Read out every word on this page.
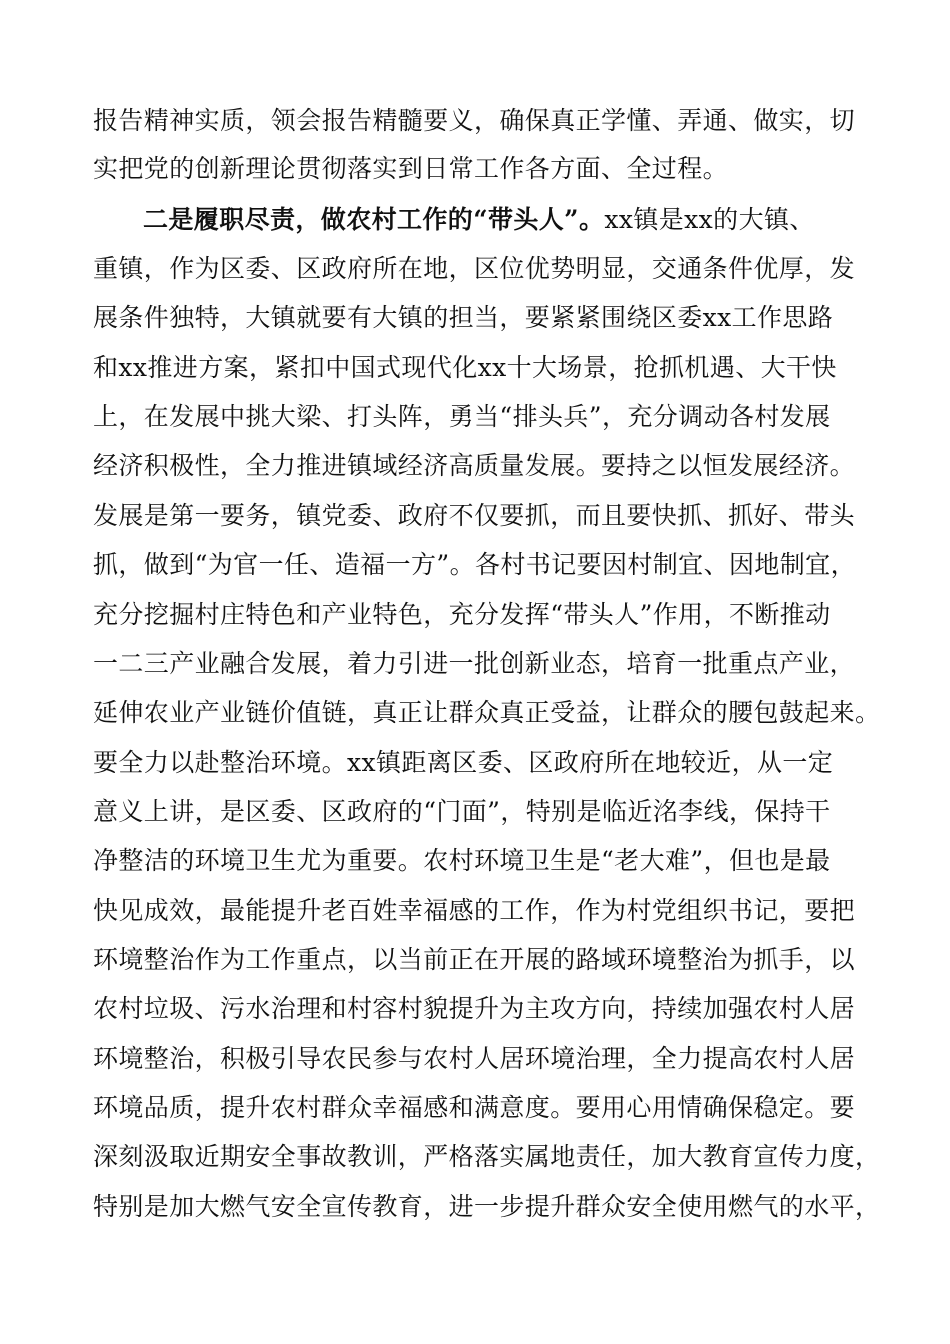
报告精神实质，领会报告精髓要义，确保真正学懂、弄通、做实，切
实把党的创新理论贯彻落实到日常工作各方面、全过程。
二是履职尽责，做农村工作的“带头人”。xx镇是xx的大镇、
重镇，作为区委、区政府所在地，区位优势明显，交通条件优厚，发
展条件独特，大镇就要有大镇的担当，要紧紧围绕区委xx工作思路
和xx推进方案，紧扣中国式现代化xx十大场景，抢抓机遇、大干快
上，在发展中挑大梁、打头阵，勇当“排头兵”，充分调动各村发展
经济积极性，全力推进镇域经济高质量发展。要持之以恒发展经济。
发展是第一要务，镇党委、政府不仅要抓，而且要快抓、抓好、带头
抓，做到“为官一任、造福一方”。各村书记要因村制宜、因地制宜，
充分挖掘村庄特色和产业特色，充分发挥“带头人”作用，不断推动
一二三产业融合发展，着力引进一批创新业态，培育一批重点产业，
延伸农业产业链价值链，真正让群众真正受益，让群众的腰包鼓起来。
要全力以赴整治环境。xx镇距离区委、区政府所在地较近，从一定
意义上讲，是区委、区政府的“门面”，特别是临近洺李线，保持干
净整洁的环境卫生尤为重要。农村环境卫生是“老大难”，但也是最
快见成效，最能提升老百姓幸福感的工作，作为村党组织书记，要把
环境整治作为工作重点，以当前正在开展的路域环境整治为抓手，以
农村垃圾、污水治理和村容村貌提升为主攻方向，持续加强农村人居
环境整治，积极引导农民参与农村人居环境治理，全力提高农村人居
环境品质，提升农村群众幸福感和满意度。要用心用情确保稳定。要
深刻汲取近期安全事故教训，严格落实属地责任，加大教育宣传力度，
特别是加大燃气安全宣传教育，进一步提升群众安全使用燃气的水平，
